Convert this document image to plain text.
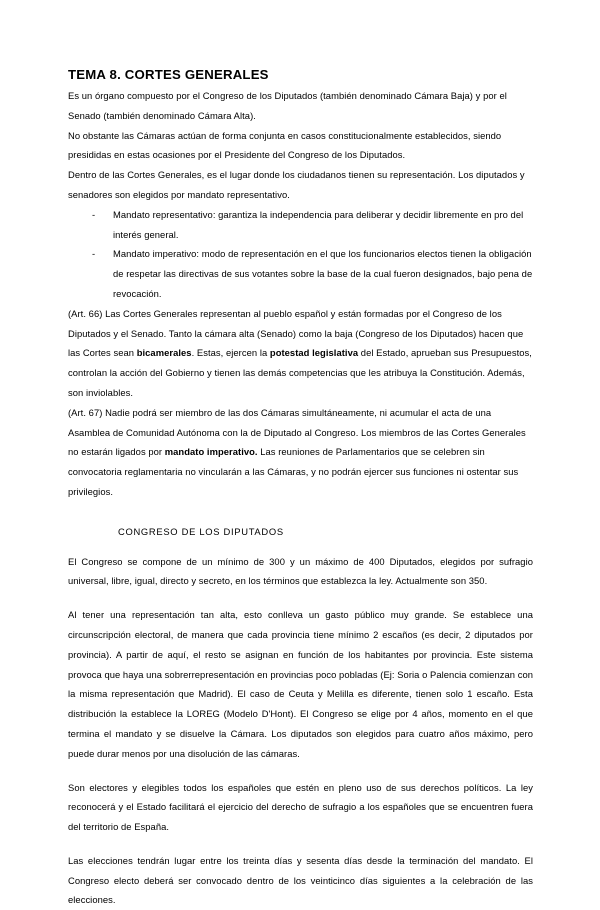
TEMA 8. CORTES GENERALES

Es un órgano compuesto por el Congreso de los Diputados (también denominado Cámara Baja) y por el Senado (también denominado Cámara Alta).

No obstante las Cámaras actúan de forma conjunta en casos constitucionalmente establecidos, siendo presididas en estas ocasiones por el Presidente del Congreso de los Diputados.

Dentro de las Cortes Generales, es el lugar donde los ciudadanos tienen su representación. Los diputados y senadores son elegidos por mandato representativo.

- Mandato representativo: garantiza la independencia para deliberar y decidir libremente en pro del interés general.
- Mandato imperativo: modo de representación en el que los funcionarios electos tienen la obligación de respetar las directivas de sus votantes sobre la base de la cual fueron designados, bajo pena de revocación.

(Art. 66) Las Cortes Generales representan al pueblo español y están formadas por el Congreso de los Diputados y el Senado. Tanto la cámara alta (Senado) como la baja (Congreso de los Diputados) hacen que las Cortes sean bicamerales. Estas, ejercen la potestad legislativa del Estado, aprueban sus Presupuestos, controlan la acción del Gobierno y tienen las demás competencias que les atribuya la Constitución. Además, son inviolables.

(Art. 67) Nadie podrá ser miembro de las dos Cámaras simultáneamente, ni acumular el acta de una Asamblea de Comunidad Autónoma con la de Diputado al Congreso. Los miembros de las Cortes Generales no estarán ligados por mandato imperativo. Las reuniones de Parlamentarios que se celebren sin convocatoria reglamentaria no vincularán a las Cámaras, y no podrán ejercer sus funciones ni ostentar sus privilegios.

CONGRESO DE LOS DIPUTADOS

El Congreso se compone de un mínimo de 300 y un máximo de 400 Diputados, elegidos por sufragio universal, libre, igual, directo y secreto, en los términos que establezca la ley. Actualmente son 350.

Al tener una representación tan alta, esto conlleva un gasto público muy grande. Se establece una circunscripción electoral, de manera que cada provincia tiene mínimo 2 escaños (es decir, 2 diputados por provincia). A partir de aquí, el resto se asignan en función de los habitantes por provincia. Este sistema provoca que haya una sobrerrepresentación en provincias poco pobladas (Ej: Soria o Palencia comienzan con la misma representación que Madrid). El caso de Ceuta y Melilla es diferente, tienen solo 1 escaño. Esta distribución la establece la LOREG (Modelo D'Hont). El Congreso se elige por 4 años, momento en el que termina el mandato y se disuelve la Cámara. Los diputados son elegidos para cuatro años máximo, pero puede durar menos por una disolución de las cámaras.

Son electores y elegibles todos los españoles que estén en pleno uso de sus derechos políticos. La ley reconocerá y el Estado facilitará el ejercicio del derecho de sufragio a los españoles que se encuentren fuera del territorio de España.

Las elecciones tendrán lugar entre los treinta días y sesenta días desde la terminación del mandato. El Congreso electo deberá ser convocado dentro de los veinticinco días siguientes a la celebración de las elecciones.
